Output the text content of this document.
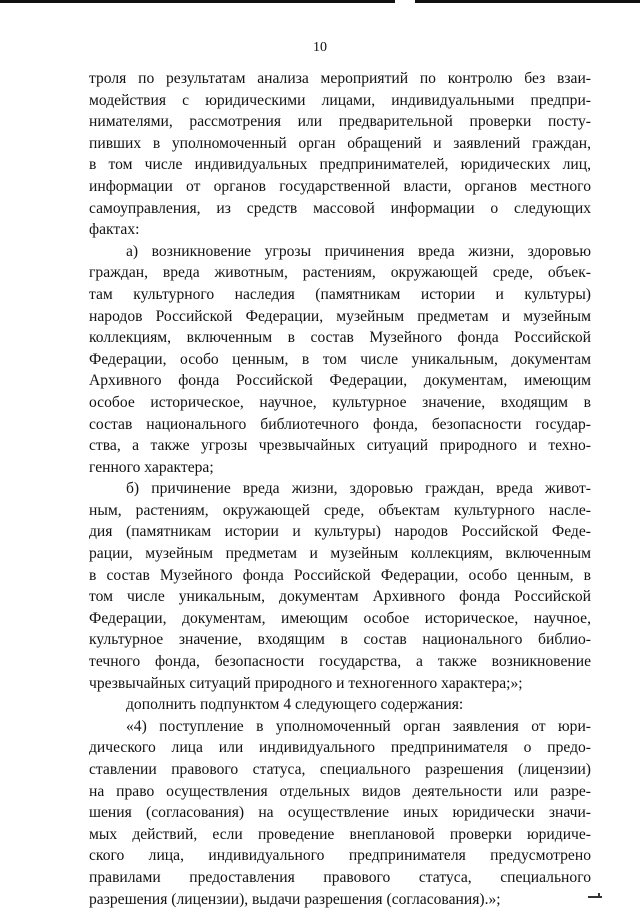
10
троля по результатам анализа мероприятий по контролю без взаи-
модействия с юридическими лицами, индивидуальными предпри-
нимателями, рассмотрения или предварительной проверки посту-
пивших в уполномоченный орган обращений и заявлений граждан,
в том числе индивидуальных предпринимателей, юридических лиц,
информации от органов государственной власти, органов местного
самоуправления, из средств массовой информации о следующих
фактах:
а) возникновение угрозы причинения вреда жизни, здоровью
граждан, вреда животным, растениям, окружающей среде, объек-
там культурного наследия (памятникам истории и культуры)
народов Российской Федерации, музейным предметам и музейным
коллекциям, включенным в состав Музейного фонда Российской
Федерации, особо ценным, в том числе уникальным, документам
Архивного фонда Российской Федерации, документам, имеющим
особое историческое, научное, культурное значение, входящим в
состав национального библиотечного фонда, безопасности государ-
ства, а также угрозы чрезвычайных ситуаций природного и техно-
генного характера;
б) причинение вреда жизни, здоровью граждан, вреда живот-
ным, растениям, окружающей среде, объектам культурного насле-
дия (памятникам истории и культуры) народов Российской Феде-
рации, музейным предметам и музейным коллекциям, включенным
в состав Музейного фонда Российской Федерации, особо ценным, в
том числе уникальным, документам Архивного фонда Российской
Федерации, документам, имеющим особое историческое, научное,
культурное значение, входящим в состав национального библио-
течного фонда, безопасности государства, а также возникновение
чрезвычайных ситуаций природного и техногенного характера;»;
дополнить подпунктом 4 следующего содержания:
«4) поступление в уполномоченный орган заявления от юри-
дического лица или индивидуального предпринимателя о предо-
ставлении правового статуса, специального разрешения (лицензии)
на право осуществления отдельных видов деятельности или разре-
шения (согласования) на осуществление иных юридически значи-
мых действий, если проведение внеплановой проверки юридиче-
ского лица, индивидуального предпринимателя предусмотрено
правилами предоставления правового статуса, специального
разрешения (лицензии), выдачи разрешения (согласования).»;
